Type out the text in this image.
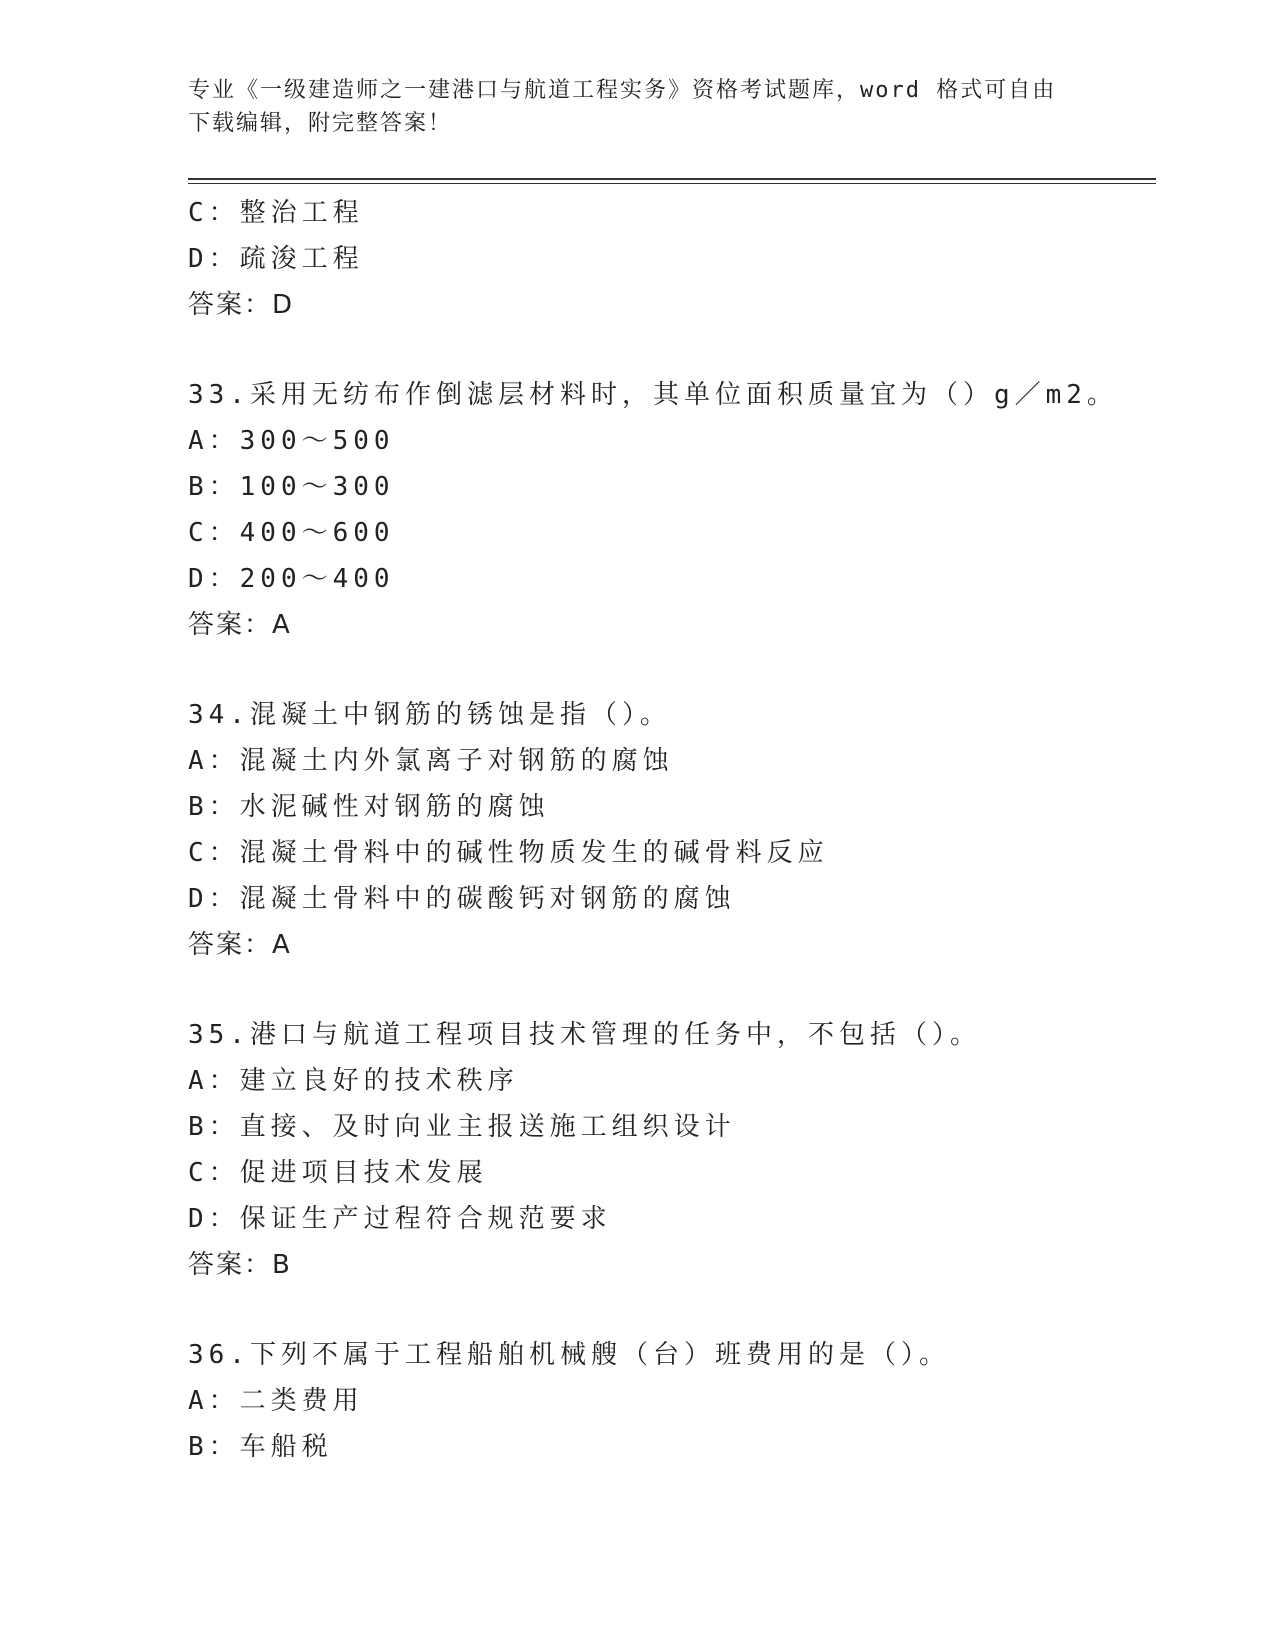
专业《一级建造师之一建港口与航道工程实务》资格考试题库，word 格式可自由
下载编辑，附完整答案！
C：整治工程
D：疏浚工程
答案：D
33.采用无纺布作倒滤层材料时，其单位面积质量宜为（）g／m2。
A：300～500
B：100～300
C：400～600
D：200～400
答案：A
34.混凝土中钢筋的锈蚀是指（）。
A：混凝土内外氯离子对钢筋的腐蚀
B：水泥碱性对钢筋的腐蚀
C：混凝土骨料中的碱性物质发生的碱骨料反应
D：混凝土骨料中的碳酸钙对钢筋的腐蚀
答案：A
35.港口与航道工程项目技术管理的任务中，不包括（）。
A：建立良好的技术秩序
B：直接、及时向业主报送施工组织设计
C：促进项目技术发展
D：保证生产过程符合规范要求
答案：B
36.下列不属于工程船舶机械艘（台）班费用的是（）。
A：二类费用
B：车船税
